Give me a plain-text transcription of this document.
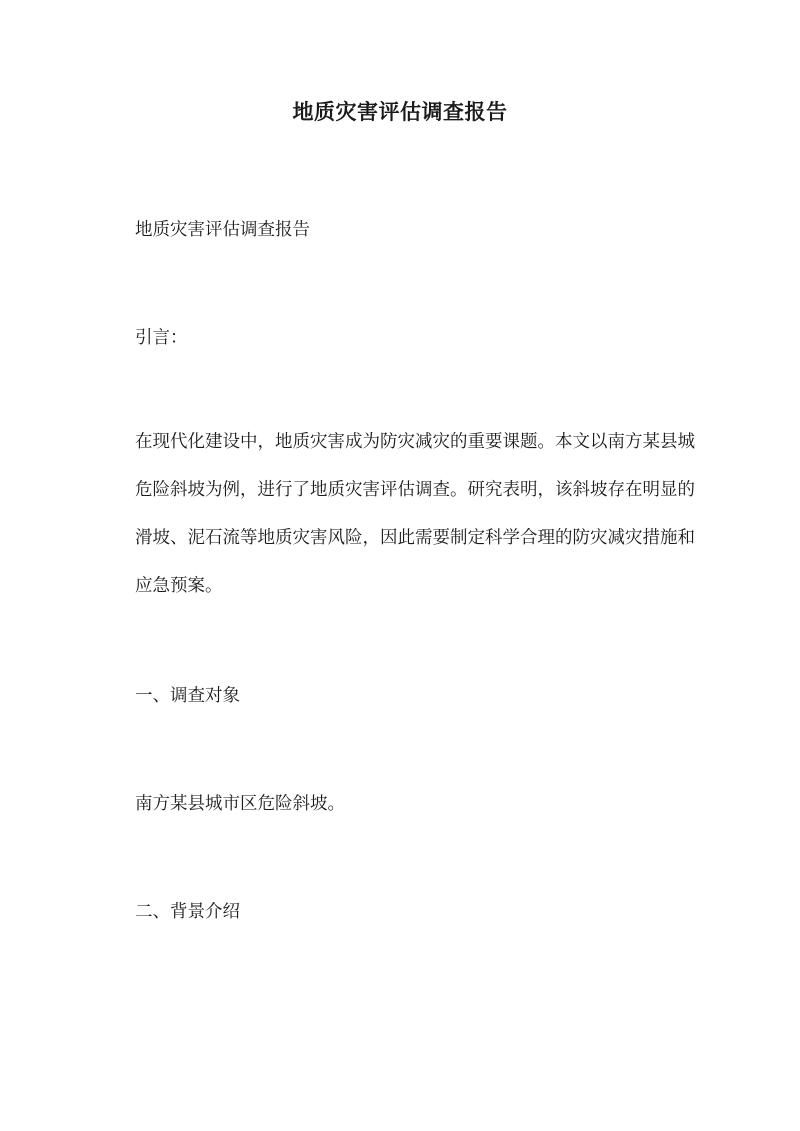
地质灾害评估调查报告

地质灾害评估调查报告

引言：

在现代化建设中，地质灾害成为防灾减灾的重要课题。本文以南方某县城危险斜坡为例，进行了地质灾害评估调查。研究表明，该斜坡存在明显的滑坡、泥石流等地质灾害风险，因此需要制定科学合理的防灾减灾措施和应急预案。

一、调查对象

南方某县城市区危险斜坡。

二、背景介绍
